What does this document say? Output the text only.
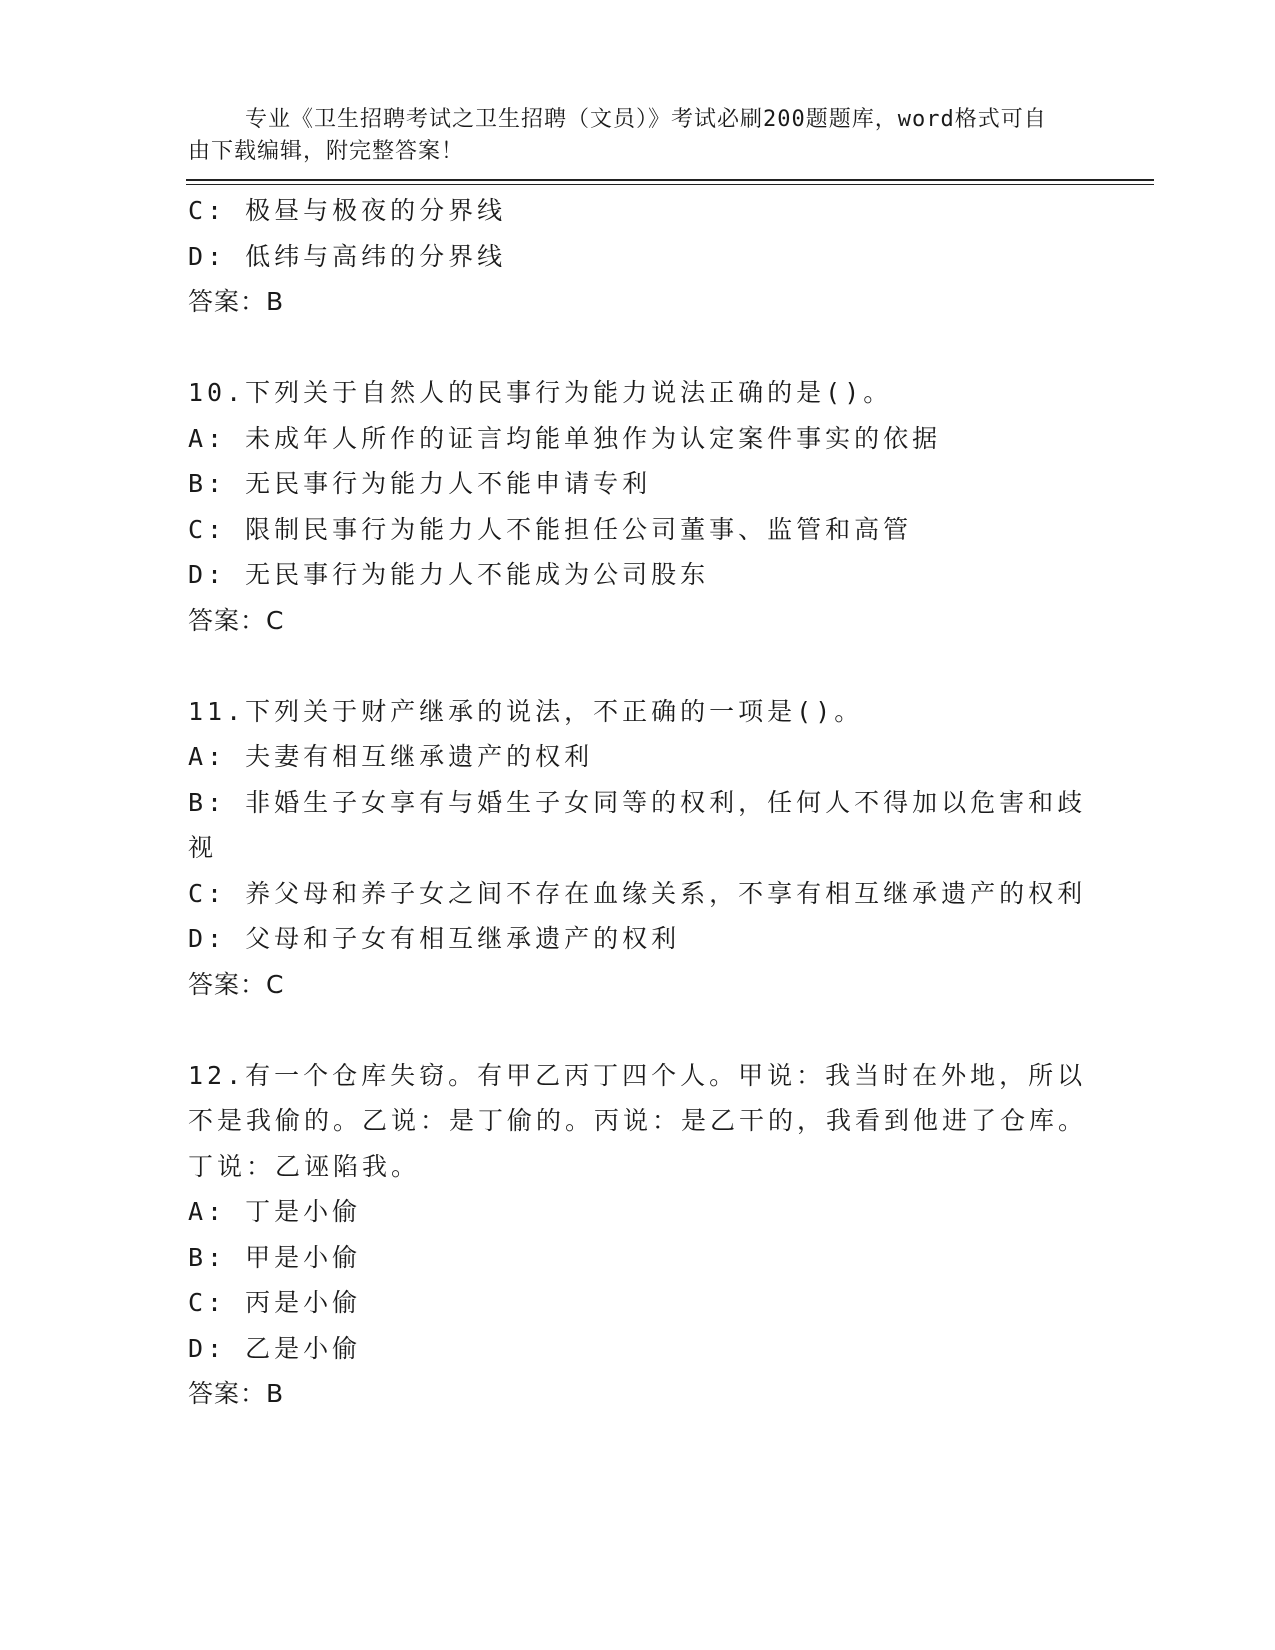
专业《卫生招聘考试之卫生招聘（文员）》考试必刷200题题库，word格式可自由下载编辑，附完整答案！

C: 极昼与极夜的分界线
D: 低纬与高纬的分界线
答案：B
10.下列关于自然人的民事行为能力说法正确的是()。
A: 未成年人所作的证言均能单独作为认定案件事实的依据
B: 无民事行为能力人不能申请专利
C: 限制民事行为能力人不能担任公司董事、监管和高管
D: 无民事行为能力人不能成为公司股东
答案：C
11.下列关于财产继承的说法，不正确的一项是()。
A: 夫妻有相互继承遗产的权利
B: 非婚生子女享有与婚生子女同等的权利，任何人不得加以危害和歧视
C: 养父母和养子女之间不存在血缘关系，不享有相互继承遗产的权利
D: 父母和子女有相互继承遗产的权利
答案：C
12.有一个仓库失窃。有甲乙丙丁四个人。甲说：我当时在外地，所以不是我偷的。乙说：是丁偷的。丙说：是乙干的，我看到他进了仓库。丁说：乙诬陷我。
A: 丁是小偷
B: 甲是小偷
C: 丙是小偷
D: 乙是小偷
答案：B
